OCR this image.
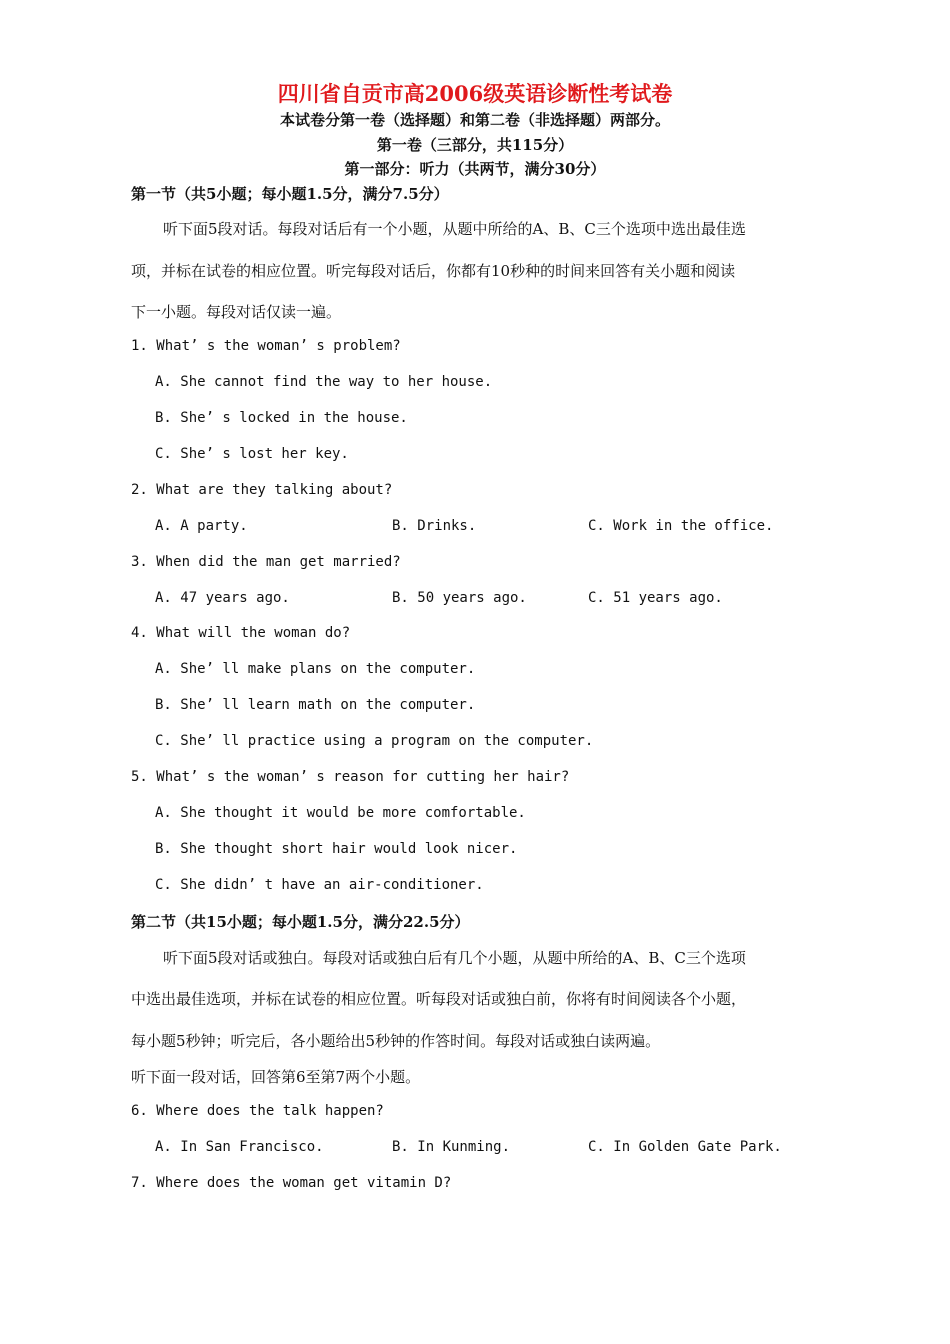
四川省自贡市高2006级英语诊断性考试卷
本试卷分第一卷（选择题）和第二卷（非选择题）两部分。
第一卷（三部分，共115分）
第一部分：听力（共两节，满分30分）
第一节（共5小题；每小题1.5分，满分7.5分）
听下面5段对话。每段对话后有一个小题，从题中所给的A、B、C三个选项中选出最佳选
项，并标在试卷的相应位置。听完每段对话后，你都有10秒种的时间来回答有关小题和阅读
下一小题。每段对话仅读一遍。
1. What’ s the woman’ s problem?
A. She cannot find the way to her house.
B. She’ s locked in the house.
C. She’ s lost her key.
2. What are they talking about?
A. A party.	B. Drinks.	C. Work in the office.
3. When did the man get married?
A. 47 years ago.	B. 50 years ago.	C. 51 years ago.
4. What will the woman do?
A. She’ ll make plans on the computer.
B. She’ ll learn math on the computer.
C. She’ ll practice using a program on the computer.
5. What’ s the woman’ s reason for cutting her hair?
A. She thought it would be more comfortable.
B. She thought short hair would look nicer.
C. She didn’ t have an air-conditioner.
第二节（共15小题；每小题1.5分，满分22.5分）
听下面5段对话或独白。每段对话或独白后有几个小题，从题中所给的A、B、C三个选项
中选出最佳选项，并标在试卷的相应位置。听每段对话或独白前，你将有时间阅读各个小题，
每小题5秒钟；听完后，各小题给出5秒钟的作答时间。每段对话或独白读两遍。
听下面一段对话，回答第6至第7两个小题。
6. Where does the talk happen?
A. In San Francisco.	B. In Kunming.	C. In Golden Gate Park.
7. Where does the woman get vitamin D?
